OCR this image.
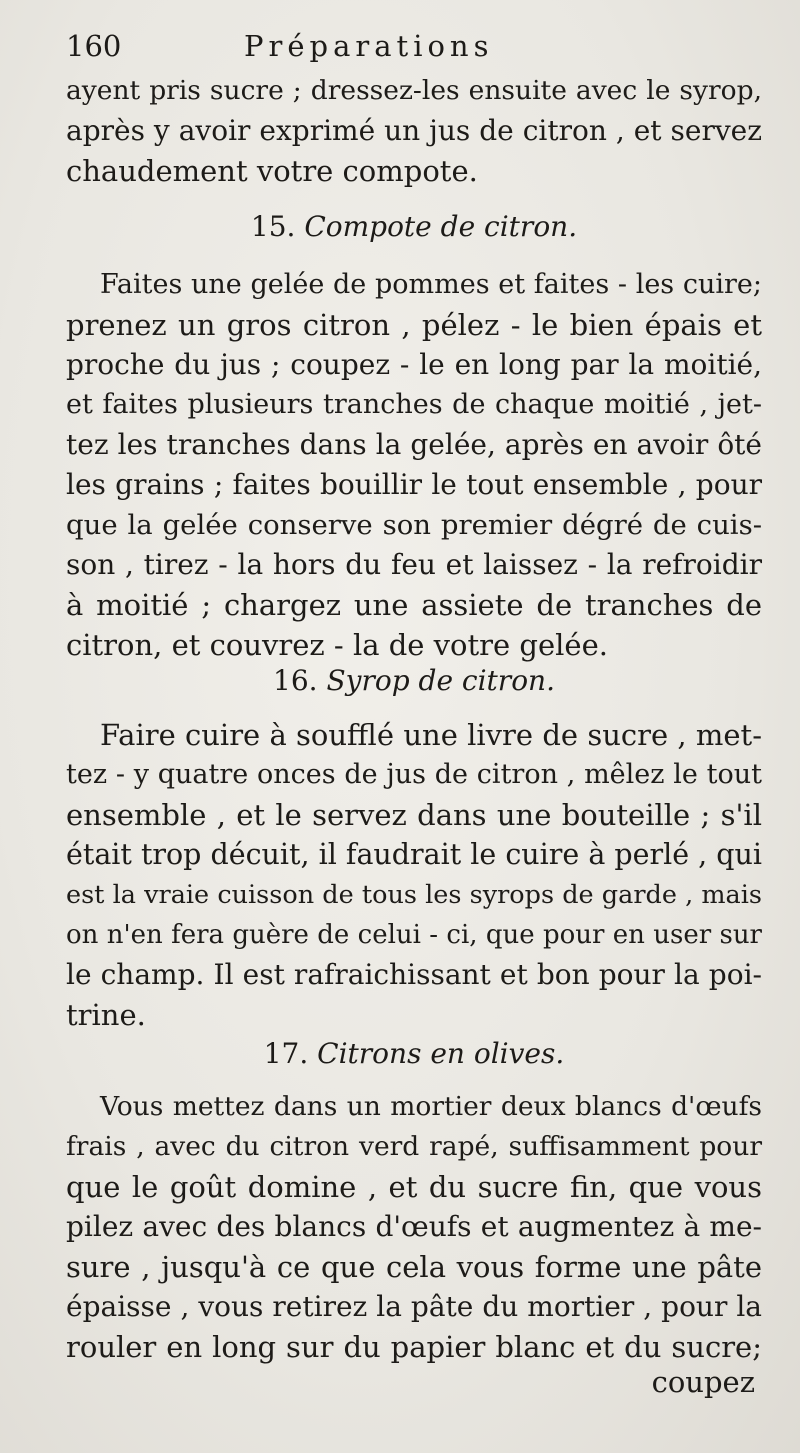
160	Préparations
ayent pris sucre ; dressez-les ensuite avec le syrop,
après y avoir exprimé un jus de citron , et servez
chaudement votre compote.
15. Compote de citron.
Faites une gelée de pommes et faites - les cuire;
prenez un gros citron , pélez - le bien épais et
proche du jus ; coupez - le en long par la moitié,
et faites plusieurs tranches de chaque moitié , jet-
tez les tranches dans la gelée, après en avoir ôté
les grains ; faites bouillir le tout ensemble , pour
que la gelée conserve son premier dégré de cuis-
son , tirez - la hors du feu et laissez - la refroidir
à moitié ; chargez une assiete de tranches de
citron, et couvrez - la de votre gelée.
16. Syrop de citron.
Faire cuire à soufflé une livre de sucre , met-
tez - y quatre onces de jus de citron , mêlez le tout
ensemble , et le servez dans une bouteille ; s'il
était trop décuit, il faudrait le cuire à perlé , qui
est la vraie cuisson de tous les syrops de garde , mais
on n'en fera guère de celui - ci, que pour en user sur
le champ. Il est rafraichissant et bon pour la poi-
trine.
17. Citrons en olives.
Vous mettez dans un mortier deux blancs d'œufs
frais , avec du citron verd rapé, suffisamment pour
que le goût domine , et du sucre fin, que vous
pilez avec des blancs d'œufs et augmentez à me-
sure , jusqu'à ce que cela vous forme une pâte
épaisse , vous retirez la pâte du mortier , pour la
rouler en long sur du papier blanc et du sucre;
coupez
